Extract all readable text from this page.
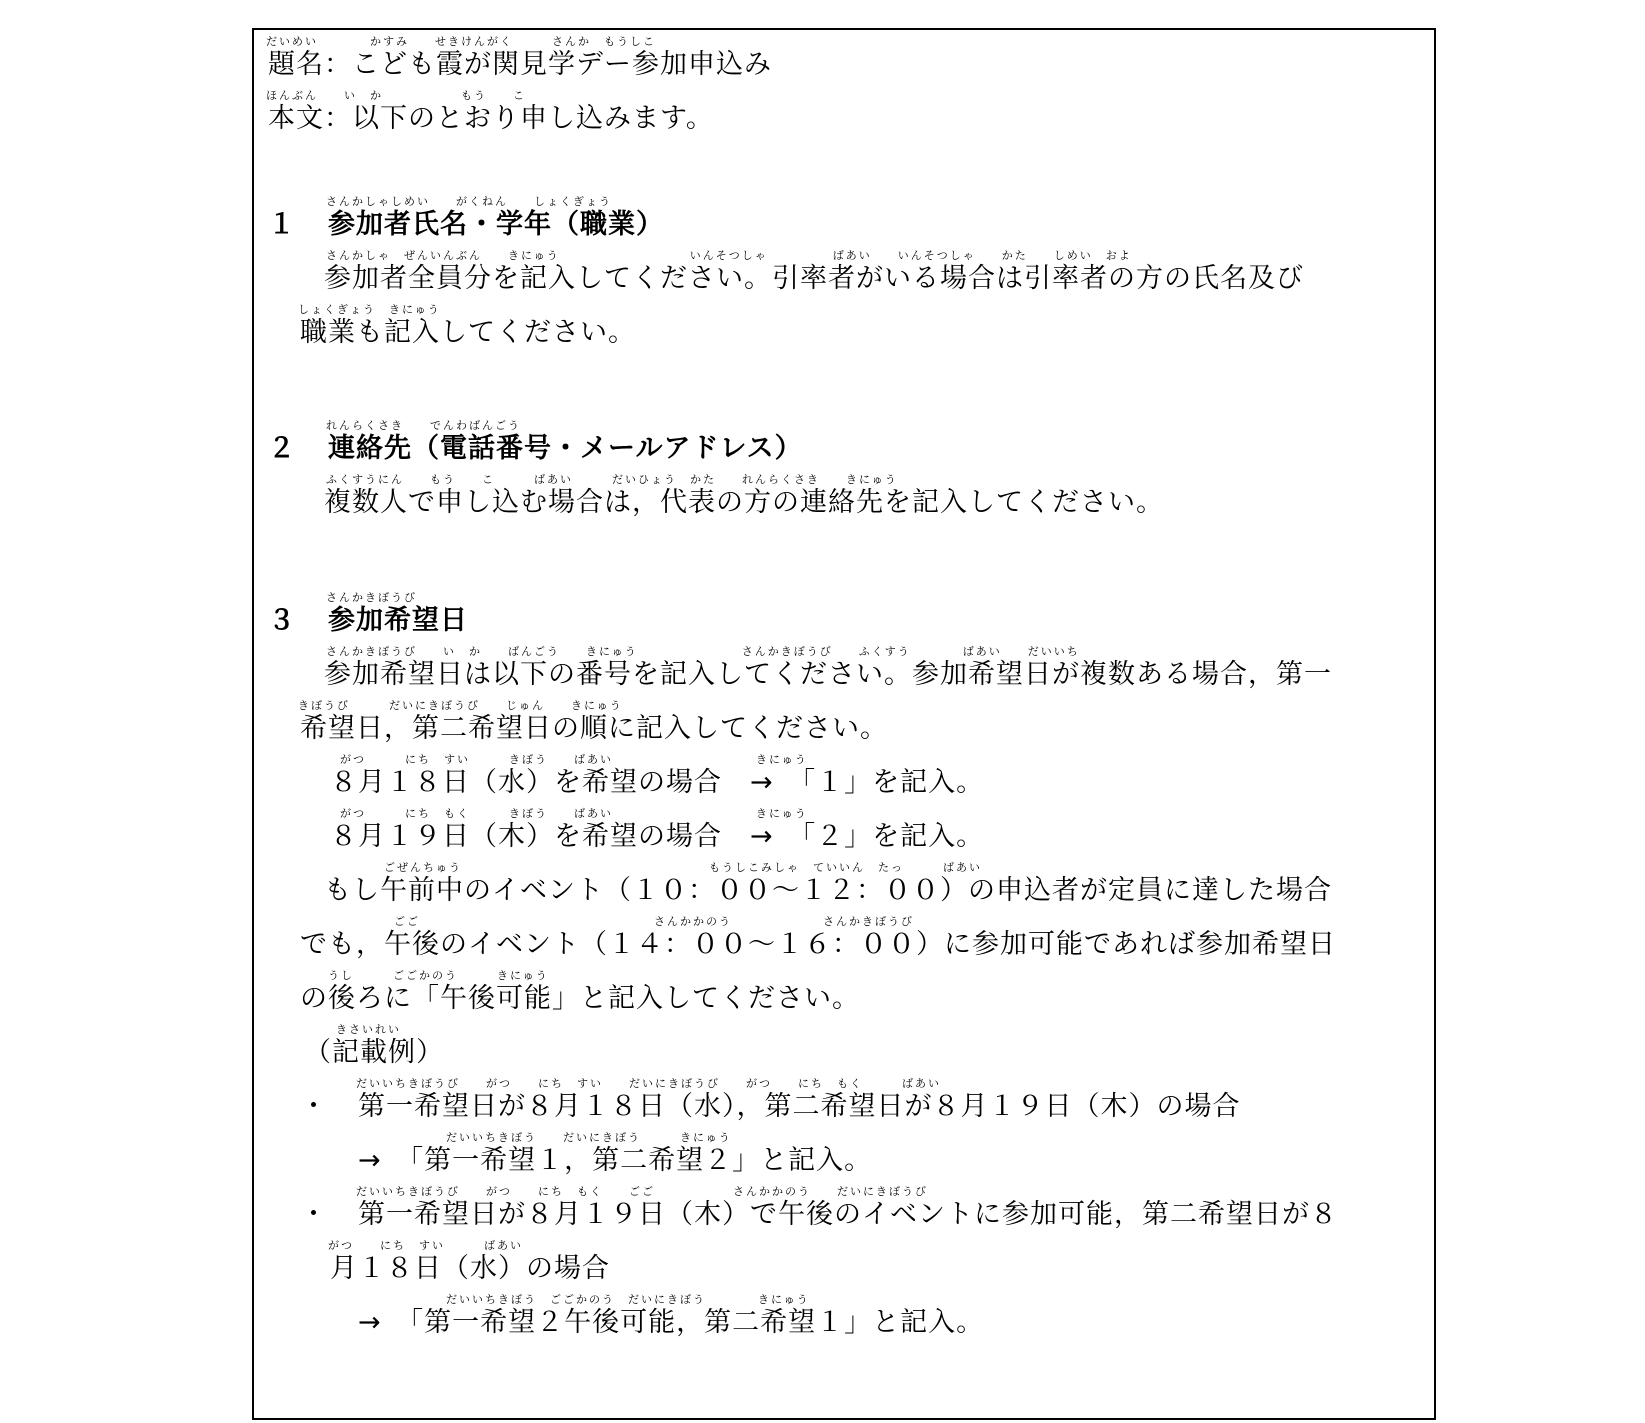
だいめい　　　　かすみ　　せきけんがく　　　さんか　もうしこ
題名：こども霞が関見学デー参加申込み
ほんぶん　　い　か　　　　　　もう　　こ
本文：以下のとおり申し込みます。
さんかしゃしめい　　がくねん　　しょくぎょう
１ 参加者氏名・学年（職業）
さんかしゃ　ぜんいんぶん　　きにゅう　　　　　　　　　　いんそつしゃ　　　　　ばあい　　いんそつしゃ　　かた　　しめい　およ
参加者全員分を記入してください。引率者がいる場合は引率者の方の氏名及び
しょくぎょう　きにゅう
職業も記入してください。
れんらくさき　　でんわばんごう
２ 連絡先（電話番号・メールアドレス）
ふくすうにん　　もう　　こ　　　ばあい　　　だいひょう　かた　　れんらくさき　　きにゅう
複数人で申し込む場合は，代表の方の連絡先を記入してください。
さんかきぼうび
３ 参加希望日
さんかきぼうび　　い　か　　ばんごう　　きにゅう　　　　　　　　さんかきぼうび　　ふくすう　　　　ばあい　　だいいち
参加希望日は以下の番号を記入してください。参加希望日が複数ある場合，第一
きぼうび　　　だいにきぼうび　　じゅん　　きにゅう
希望日，第二希望日の順に記入してください。
がつ　　　にち　すい　　　きぼう　　ばあい　　　　　　　　　　　きにゅう
８月１８日（水）を希望の場合　→　「１」を記入。
がつ　　　にち　もく　　　きぼう　　ばあい　　　　　　　　　　　きにゅう
８月１９日（木）を希望の場合　→　「２」を記入。
ごぜんちゅう　　　　　　　　　　　　　　　　　　　もうしこみしゃ　ていいん　たっ　　　ばあい
もし午前中のイベント（１０：００～１２：００）の申込者が定員に達した場合
ごご　　　　　　　　　　　　　　　　　　さんかかのう　　　　　　　さんかきぼうび
でも，午後のイベント（１４：００～１６：００）に参加可能であれば参加希望日
うし　　　ごごかのう　　　きにゅう
の後ろに「午後可能」と記入してください。
きさいれい
（記載例）
だいいちきぼうび　　がつ　　にち　すい　　だいにきぼうび　　がつ　　にち　もく　　　ばあい
・ 第一希望日が８月１８日（水），第二希望日が８月１９日（木）の場合
だいいちきぼう　　だいにきぼう　　　きにゅう
→　「第一希望１，第二希望２」と記入。
だいいちきぼうび　　がつ　　にち　もく　　ごご　　　　　　さんかかのう　　だいにきぼうび
・ 第一希望日が８月１９日（木）で午後のイベントに参加可能，第二希望日が８
がつ　　にち　すい　　　ばあい
月１８日（水）の場合
だいいちきぼう　ごごかのう　だいにきぼう　　　　きにゅう
→　「第一希望２午後可能，第二希望１」と記入。
